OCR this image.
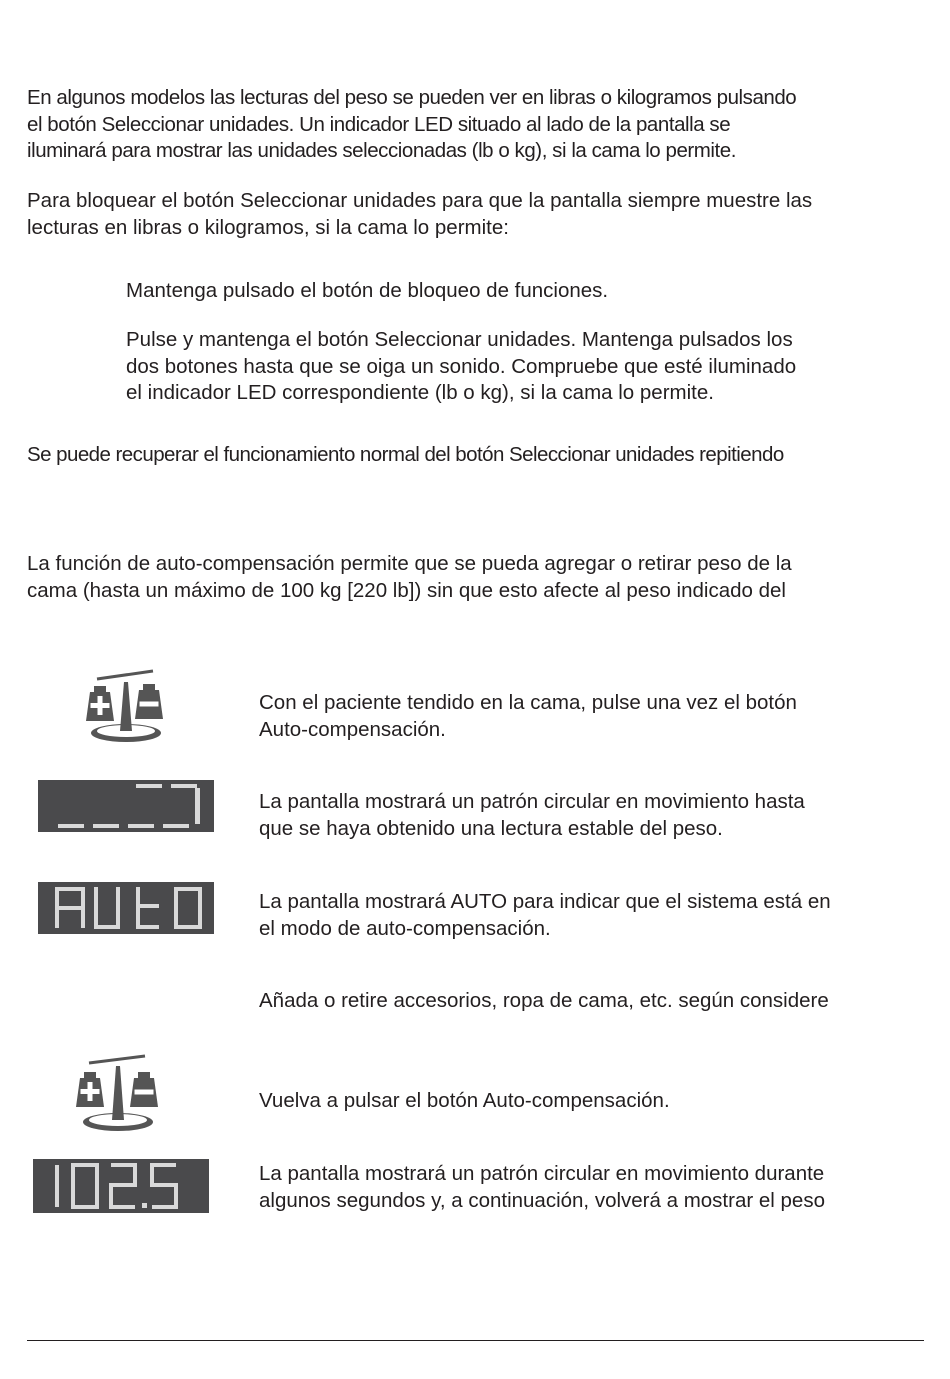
En algunos modelos las lecturas del peso se pueden ver en libras o kilogramos pulsando
el botón Seleccionar unidades. Un indicador LED situado al lado de la pantalla se
iluminará para mostrar las unidades seleccionadas (lb o kg), si la cama lo permite.
Para bloquear el botón Seleccionar unidades para que la pantalla siempre muestre las
lecturas en libras o kilogramos, si la cama lo permite:
Mantenga pulsado el botón de bloqueo de funciones.
Pulse y mantenga el botón Seleccionar unidades. Mantenga pulsados los
dos botones hasta que se oiga un sonido. Compruebe que esté iluminado
el indicador LED correspondiente (lb o kg), si la cama lo permite.
Se puede recuperar el funcionamiento normal del botón Seleccionar unidades repitiendo
La función de auto-compensación permite que se pueda agregar o retirar peso de la
cama (hasta un máximo de 100 kg [220 lb]) sin que esto afecte al peso indicado del
Con el paciente tendido en la cama, pulse una vez el botón
Auto-compensación.
La pantalla mostrará un patrón circular en movimiento hasta
que se haya obtenido una lectura estable del peso.
La pantalla mostrará AUTO para indicar que el sistema está en
el modo de auto-compensación.
Añada o retire accesorios, ropa de cama, etc. según considere
Vuelva a pulsar el botón Auto-compensación.
La pantalla mostrará un patrón circular en movimiento durante
algunos segundos y, a continuación, volverá a mostrar el peso
